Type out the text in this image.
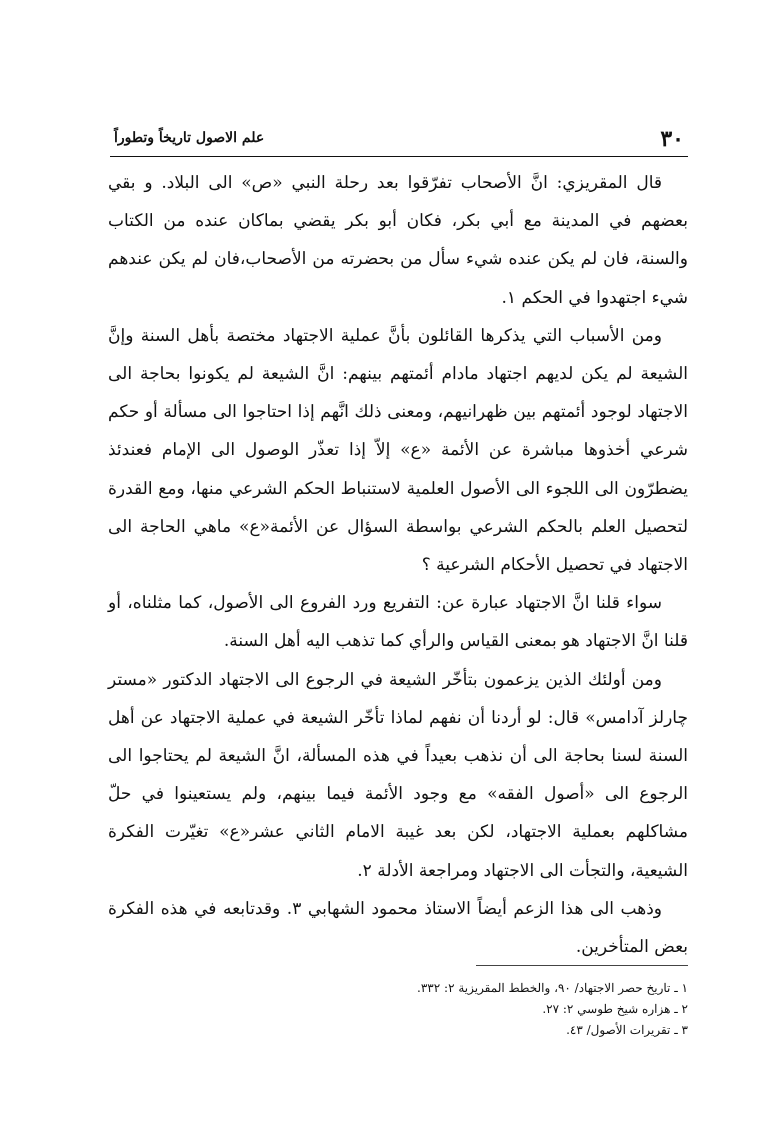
٣٠
علم الاصول تاريخاً وتطوراً

قال المقريزي: انَّ الأصحاب تفرّقوا بعد رحلة النبي «ص» الى البلاد. و بقي بعضهم في المدينة مع أبي بكر، فكان أبو بكر يقضي بماكان عنده من الكتاب والسنة، فان لم يكن عنده شيء سأل من بحضرته من الأصحاب،فان لم يكن عندهم شيء اجتهدوا في الحكم ١.

ومن الأسباب التي يذكرها القائلون بأنَّ عملية الاجتهاد مختصة بأهل السنة وإنَّ الشيعة لم يكن لديهم اجتهاد مادام أئمتهم بينهم: انَّ الشيعة لم يكونوا بحاجة الى الاجتهاد لوجود أئمتهم بين ظهرانيهم، ومعنى ذلك انَّهم إذا احتاجوا الى مسألة أو حكم شرعي أخذوها مباشرة عن الأئمة «ع» إلاّ إذا تعذّر الوصول الى الإمام فعندئذ يضطرّون الى اللجوء الى الأصول العلمية لاستنباط الحكم الشرعي منها، ومع القدرة لتحصيل العلم بالحكم الشرعي بواسطة السؤال عن الأئمة«ع» ماهي الحاجة الى الاجتهاد في تحصيل الأحكام الشرعية ؟

سواء قلنا انَّ الاجتهاد عبارة عن: التفريع ورد الفروع الى الأصول، كما مثلناه، أو قلنا انَّ الاجتهاد هو بمعنى القياس والرأي كما تذهب اليه أهل السنة.

ومن أولئك الذين يزعمون بتأخّر الشيعة في الرجوع الى الاجتهاد الدكتور «مستر چارلز آدامس» قال: لو أردنا أن نفهم لماذا تأخّر الشيعة في عملية الاجتهاد عن أهل السنة لسنا بحاجة الى أن نذهب بعيداً في هذه المسألة، انَّ الشيعة لم يحتاجوا الى الرجوع الى «أصول الفقه» مع وجود الأئمة فيما بينهم، ولم يستعينوا في حلّ مشاكلهم بعملية الاجتهاد، لكن بعد غيبة الامام الثاني عشر«ع» تغيّرت الفكرة الشيعية، والتجأت الى الاجتهاد ومراجعة الأدلة ٢.

وذهب الى هذا الزعم أيضاً الاستاذ محمود الشهابي ٣. وقدتابعه في هذه الفكرة بعض المتأخرين.

١ ـ تاريخ حصر الاجتهاد/ ٩٠، والخطط المقريزية ٢: ٣٣٢.
٢ ـ هزاره شيخ طوسي ٢: ٢٧.
٣ ـ تقريرات الأصول/ ٤٣.
